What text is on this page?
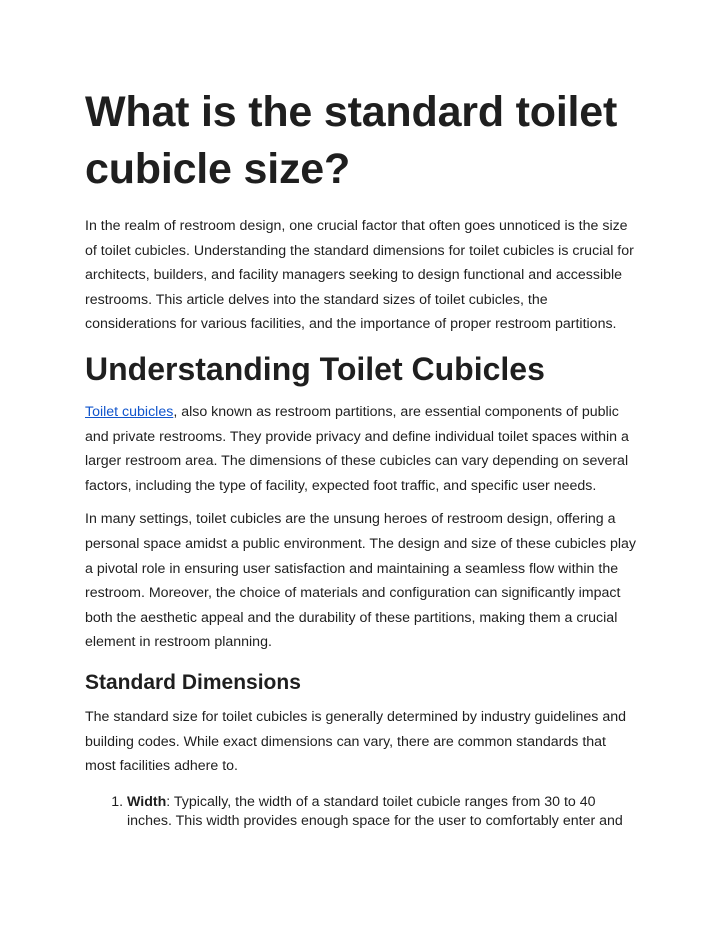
What is the standard toilet cubicle size?

In the realm of restroom design, one crucial factor that often goes unnoticed is the size of toilet cubicles. Understanding the standard dimensions for toilet cubicles is crucial for architects, builders, and facility managers seeking to design functional and accessible restrooms. This article delves into the standard sizes of toilet cubicles, the considerations for various facilities, and the importance of proper restroom partitions.

Understanding Toilet Cubicles

Toilet cubicles, also known as restroom partitions, are essential components of public and private restrooms. They provide privacy and define individual toilet spaces within a larger restroom area. The dimensions of these cubicles can vary depending on several factors, including the type of facility, expected foot traffic, and specific user needs.

In many settings, toilet cubicles are the unsung heroes of restroom design, offering a personal space amidst a public environment. The design and size of these cubicles play a pivotal role in ensuring user satisfaction and maintaining a seamless flow within the restroom. Moreover, the choice of materials and configuration can significantly impact both the aesthetic appeal and the durability of these partitions, making them a crucial element in restroom planning.

Standard Dimensions

The standard size for toilet cubicles is generally determined by industry guidelines and building codes. While exact dimensions can vary, there are common standards that most facilities adhere to.

1. Width: Typically, the width of a standard toilet cubicle ranges from 30 to 40 inches. This width provides enough space for the user to comfortably enter and
